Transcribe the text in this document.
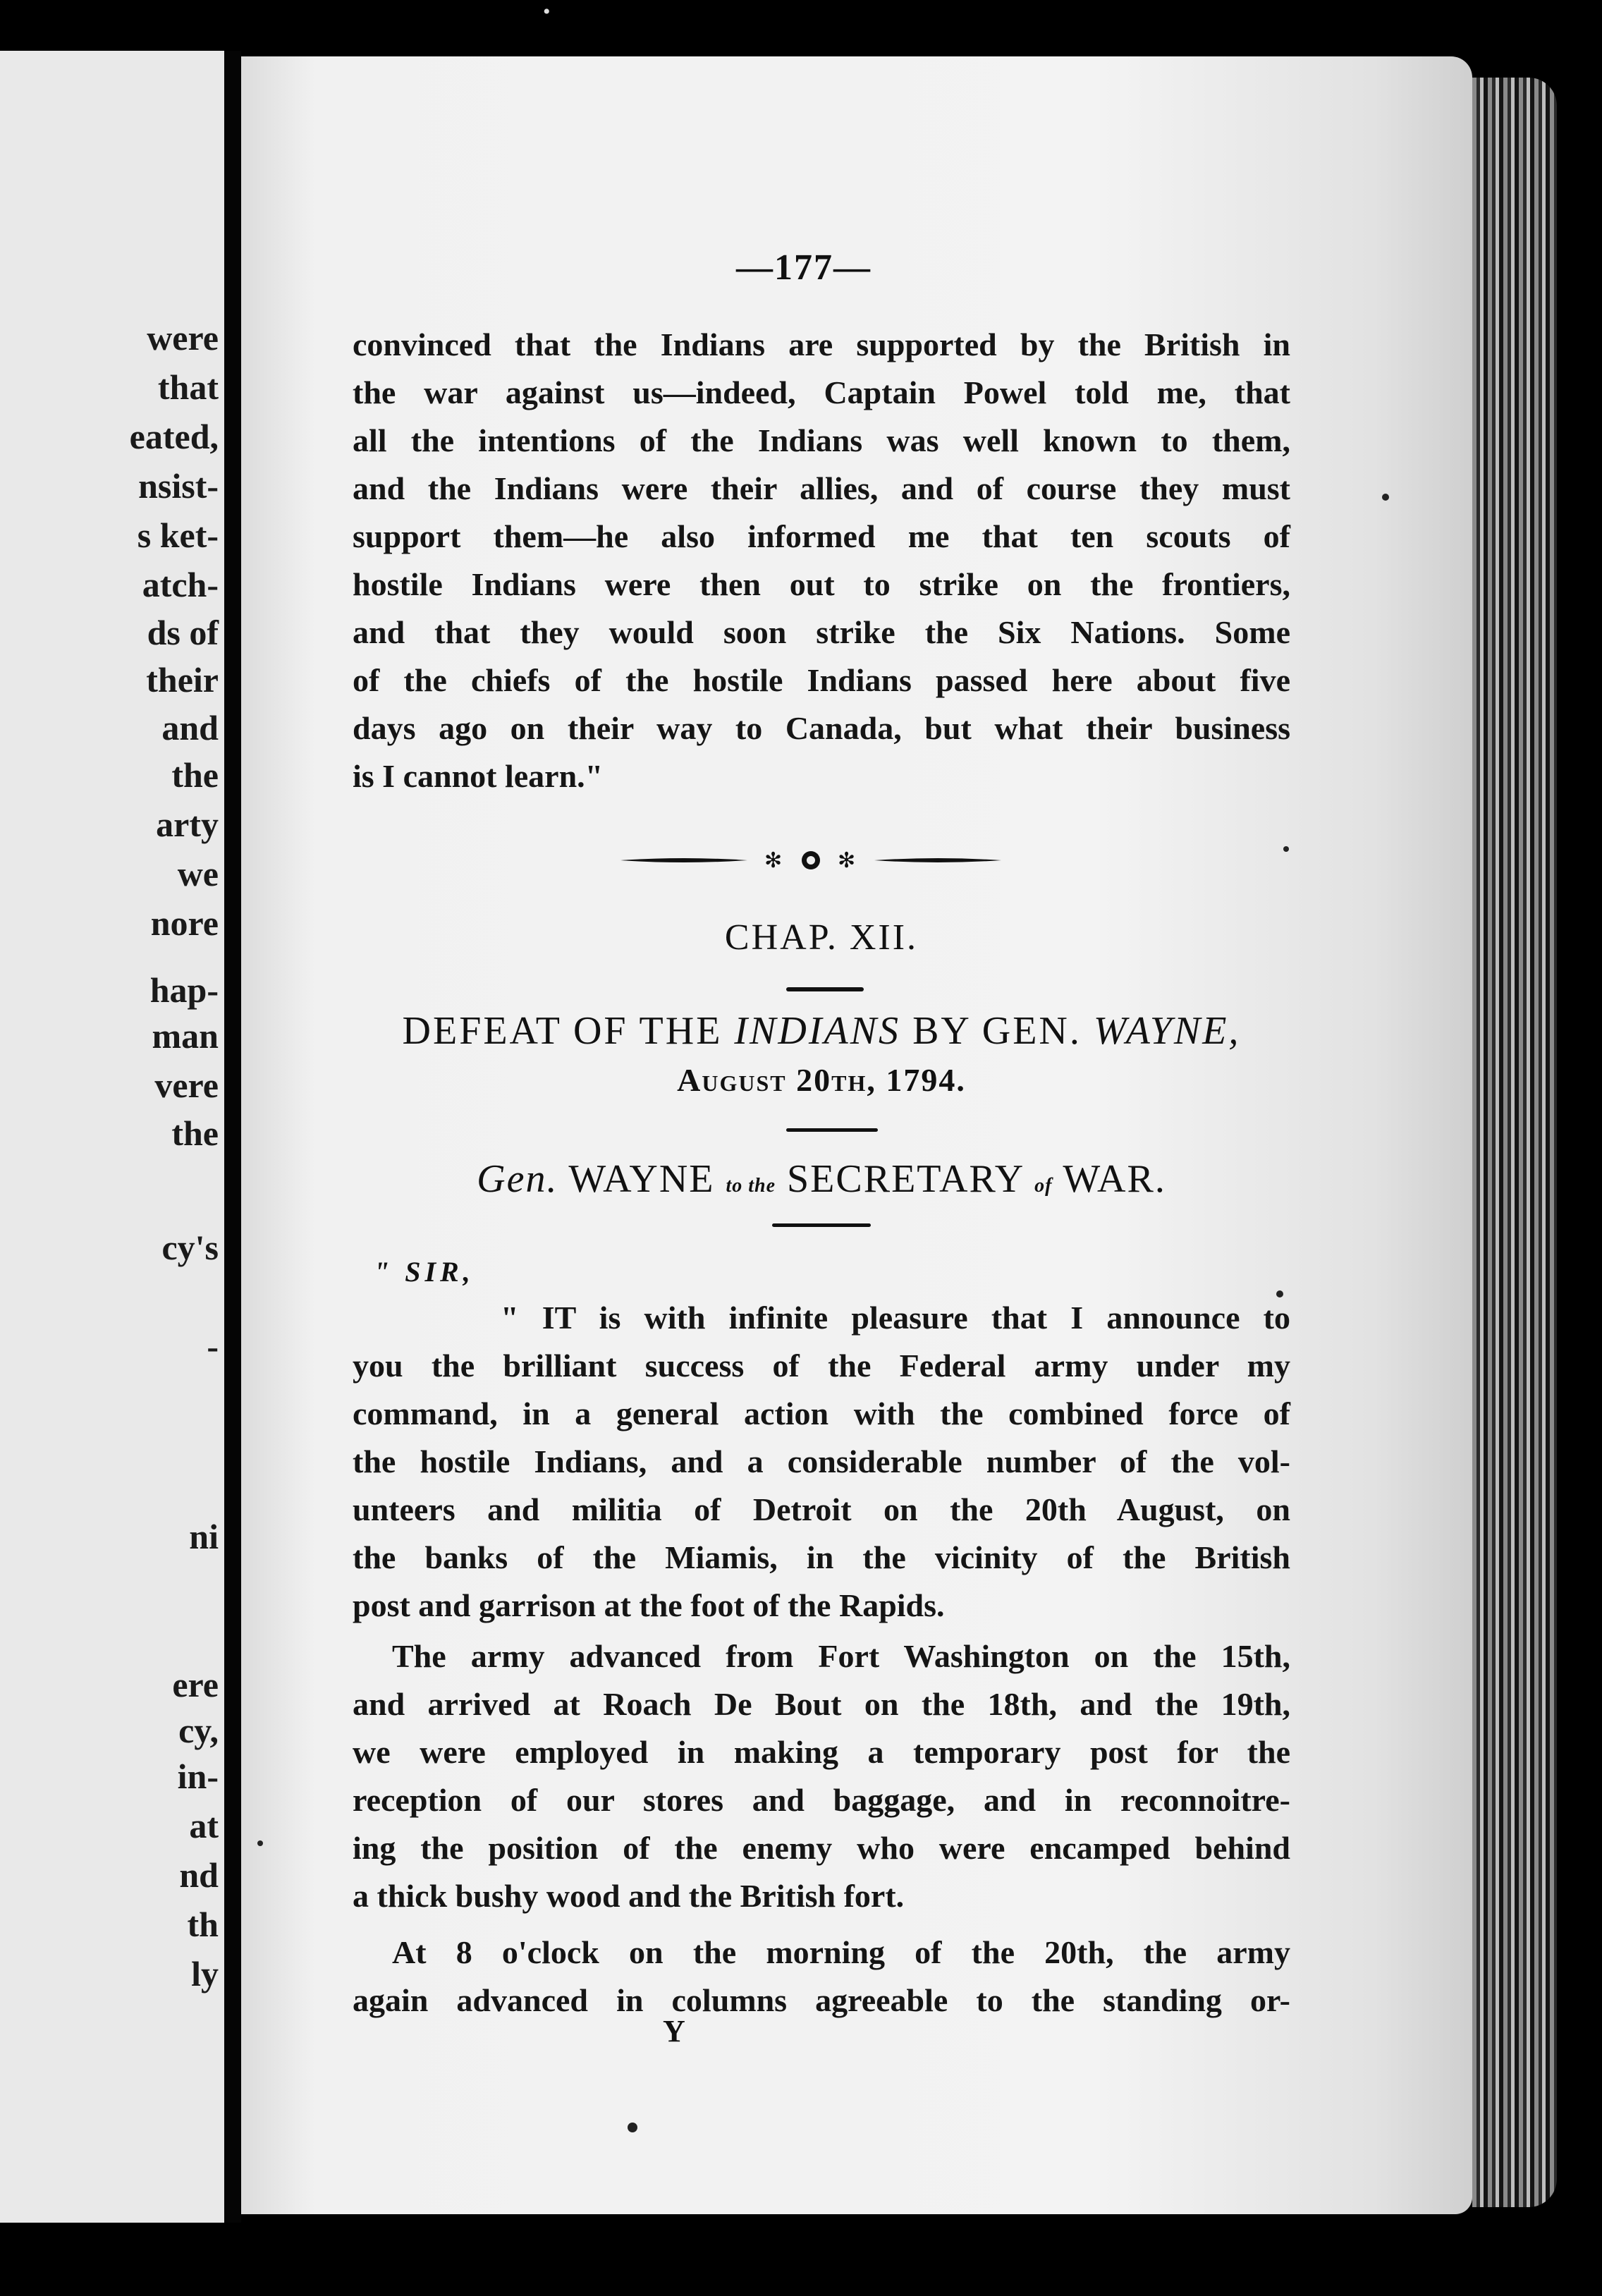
•
were
that
eated,
nsist-
s ket-
atch-
ds of
their
and
the
arty
we
nore
hap-
man
vere
the
cy's
-
ni
ere
cy,
in-
at
nd
th
ly
—177—
convinced that the Indians are supported by the British in
the war against us—indeed, Captain Powel told me, that
all the intentions of the Indians was well known to them,
and the Indians were their allies, and of course they must
support them—he also informed me that ten scouts of
hostile Indians were then out to strike on the frontiers,
and that they would soon strike the Six Nations. Some
of the chiefs of the hostile Indians passed here about five
days ago on their way to Canada, but what their business
is I cannot learn."
✻	✻
CHAP. XII.
DEFEAT OF THE INDIANS BY GEN. WAYNE,
August 20th, 1794.
Gen. WAYNE to the SECRETARY of WAR.
" SIR,
" IT is with infinite pleasure that I announce to
you the brilliant success of the Federal army under my
command, in a general action with the combined force of
the hostile Indians, and a considerable number of the vol-
unteers and militia of Detroit on the 20th August, on
the banks of the Miamis, in the vicinity of the British
post and garrison at the foot of the Rapids.
The army advanced from Fort Washington on the 15th,
and arrived at Roach De Bout on the 18th, and the 19th,
we were employed in making a temporary post for the
reception of our stores and baggage, and in reconnoitre-
ing the position of the enemy who were encamped behind
a thick bushy wood and the British fort.
At 8 o'clock on the morning of the 20th, the army
again advanced in columns agreeable to the standing or-
Y
